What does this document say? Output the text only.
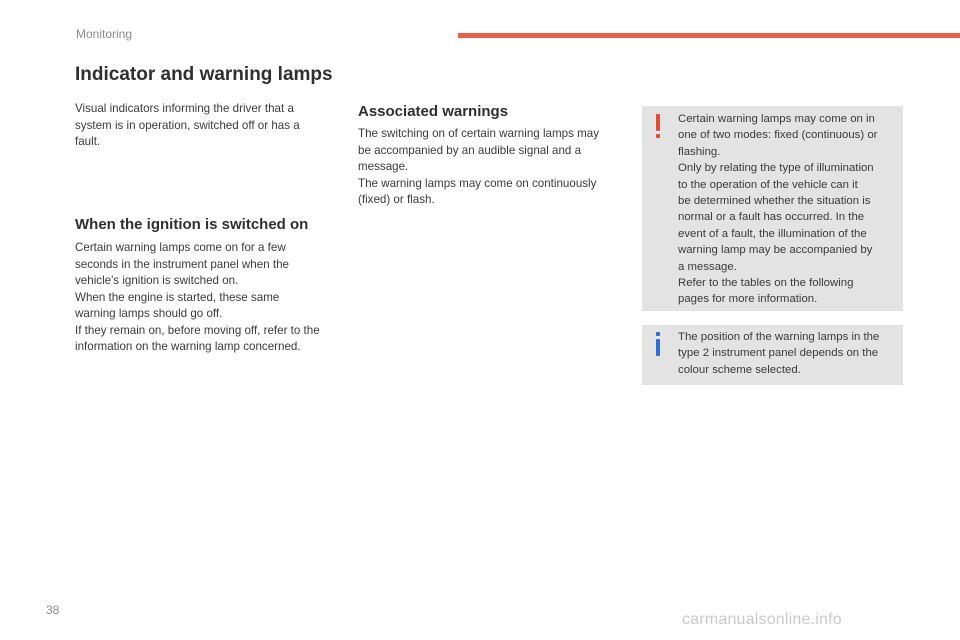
Monitoring
Indicator and warning lamps

Visual indicators informing the driver that a
system is in operation, switched off or has a
fault.

When the ignition is switched on

Certain warning lamps come on for a few
seconds in the instrument panel when the
vehicle's ignition is switched on.
When the engine is started, these same
warning lamps should go off.
If they remain on, before moving off, refer to the
information on the warning lamp concerned.

Associated warnings

The switching on of certain warning lamps may
be accompanied by an audible signal and a
message.
The warning lamps may come on continuously
(fixed) or flash.

Certain warning lamps may come on in
one of two modes: fixed (continuous) or
flashing.
Only by relating the type of illumination
to the operation of the vehicle can it
be determined whether the situation is
normal or a fault has occurred. In the
event of a fault, the illumination of the
warning lamp may be accompanied by
a message.
Refer to the tables on the following
pages for more information.

The position of the warning lamps in the
type 2 instrument panel depends on the
colour scheme selected.

38
carmanualsonline.info
